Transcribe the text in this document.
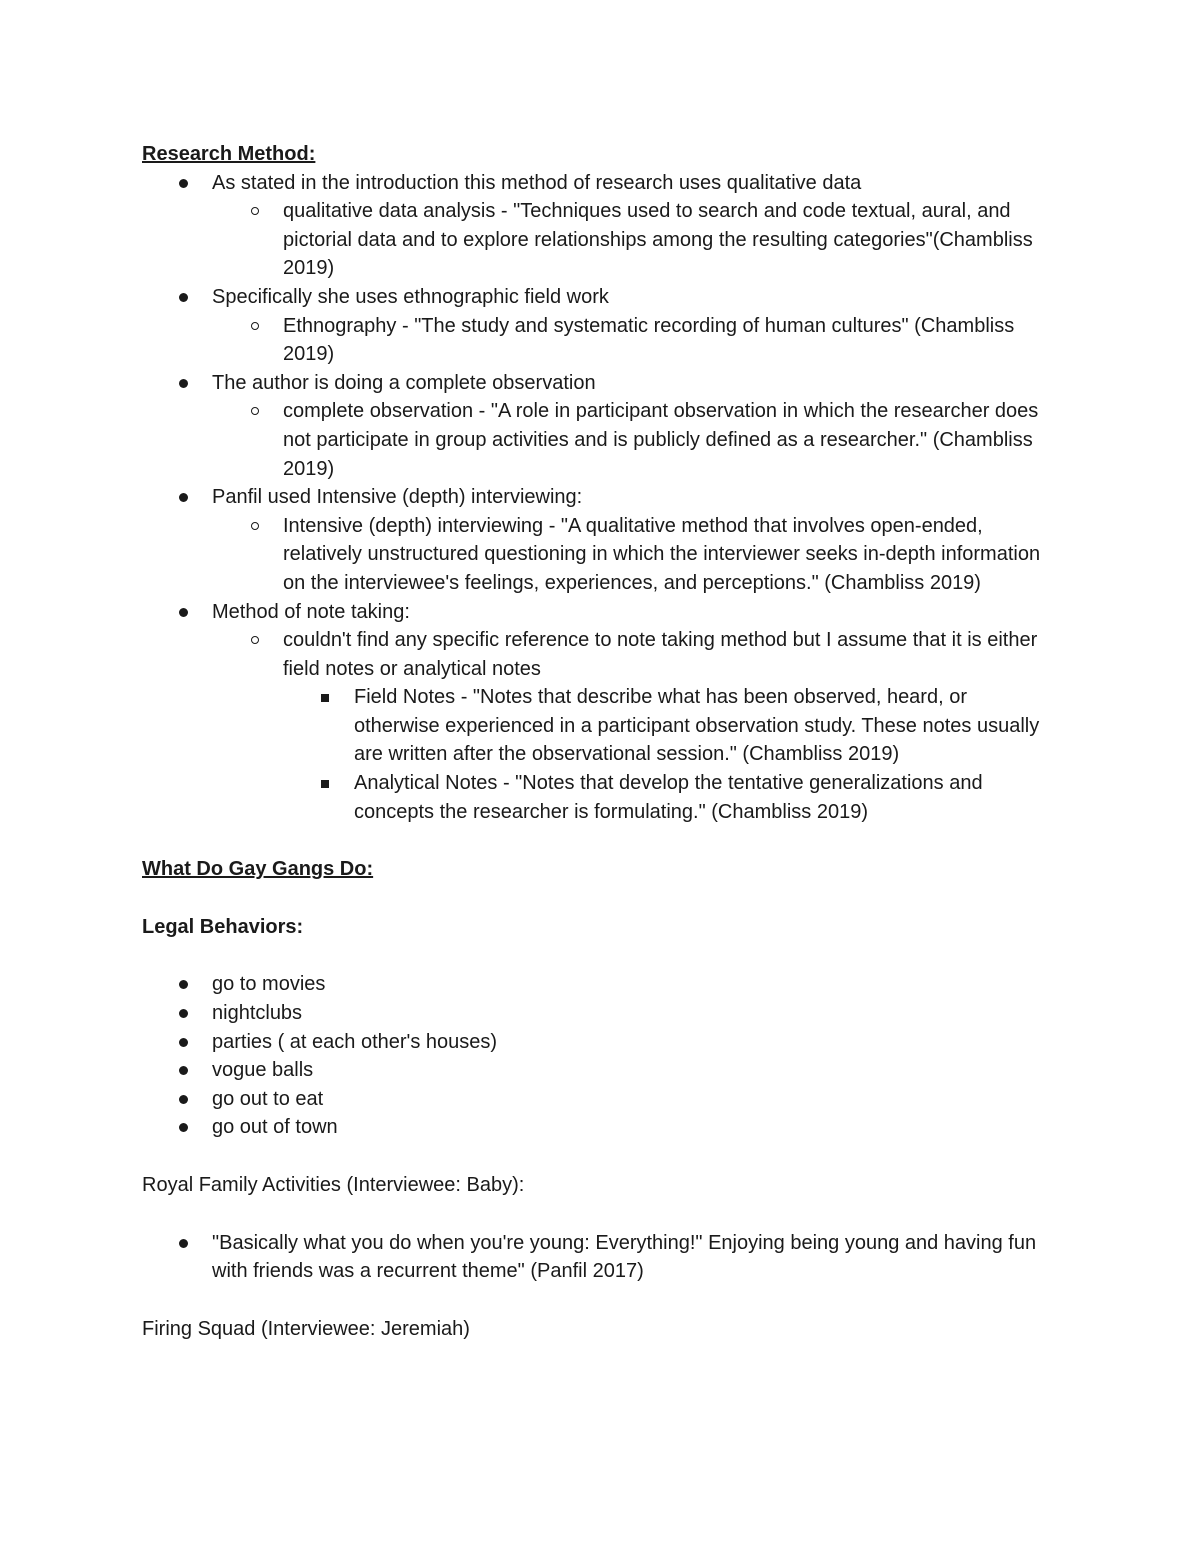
Research Method:

As stated in the introduction this method of research uses qualitative data
qualitative data analysis - "Techniques used to search and code textual, aural, and pictorial data and to explore relationships among the resulting categories"(Chambliss 2019)
Specifically she uses ethnographic field work
Ethnography - "The study and systematic recording of human cultures" (Chambliss 2019)
The author is doing a complete observation
complete observation - "A role in participant observation in which the researcher does not participate in group activities and is publicly defined as a researcher." (Chambliss 2019)
Panfil used Intensive (depth) interviewing:
Intensive (depth) interviewing - "A qualitative method that involves open-ended, relatively unstructured questioning in which the interviewer seeks in-depth information on the interviewee's feelings, experiences, and perceptions." (Chambliss 2019)
Method of note taking:
couldn't find any specific reference to note taking method but I assume that it is either field notes or analytical notes
Field Notes - "Notes that describe what has been observed, heard, or otherwise experienced in a participant observation study. These notes usually are written after the observational session." (Chambliss 2019)
Analytical Notes - "Notes that develop the tentative generalizations and concepts the researcher is formulating." (Chambliss 2019)

What Do Gay Gangs Do:

Legal Behaviors:

go to movies
nightclubs
parties ( at each other's houses)
vogue balls
go out to eat
go out of town

Royal Family Activities (Interviewee: Baby):

"Basically what you do when you're young: Everything!" Enjoying being young and having fun with friends was a recurrent theme" (Panfil 2017)

Firing Squad (Interviewee: Jeremiah)
